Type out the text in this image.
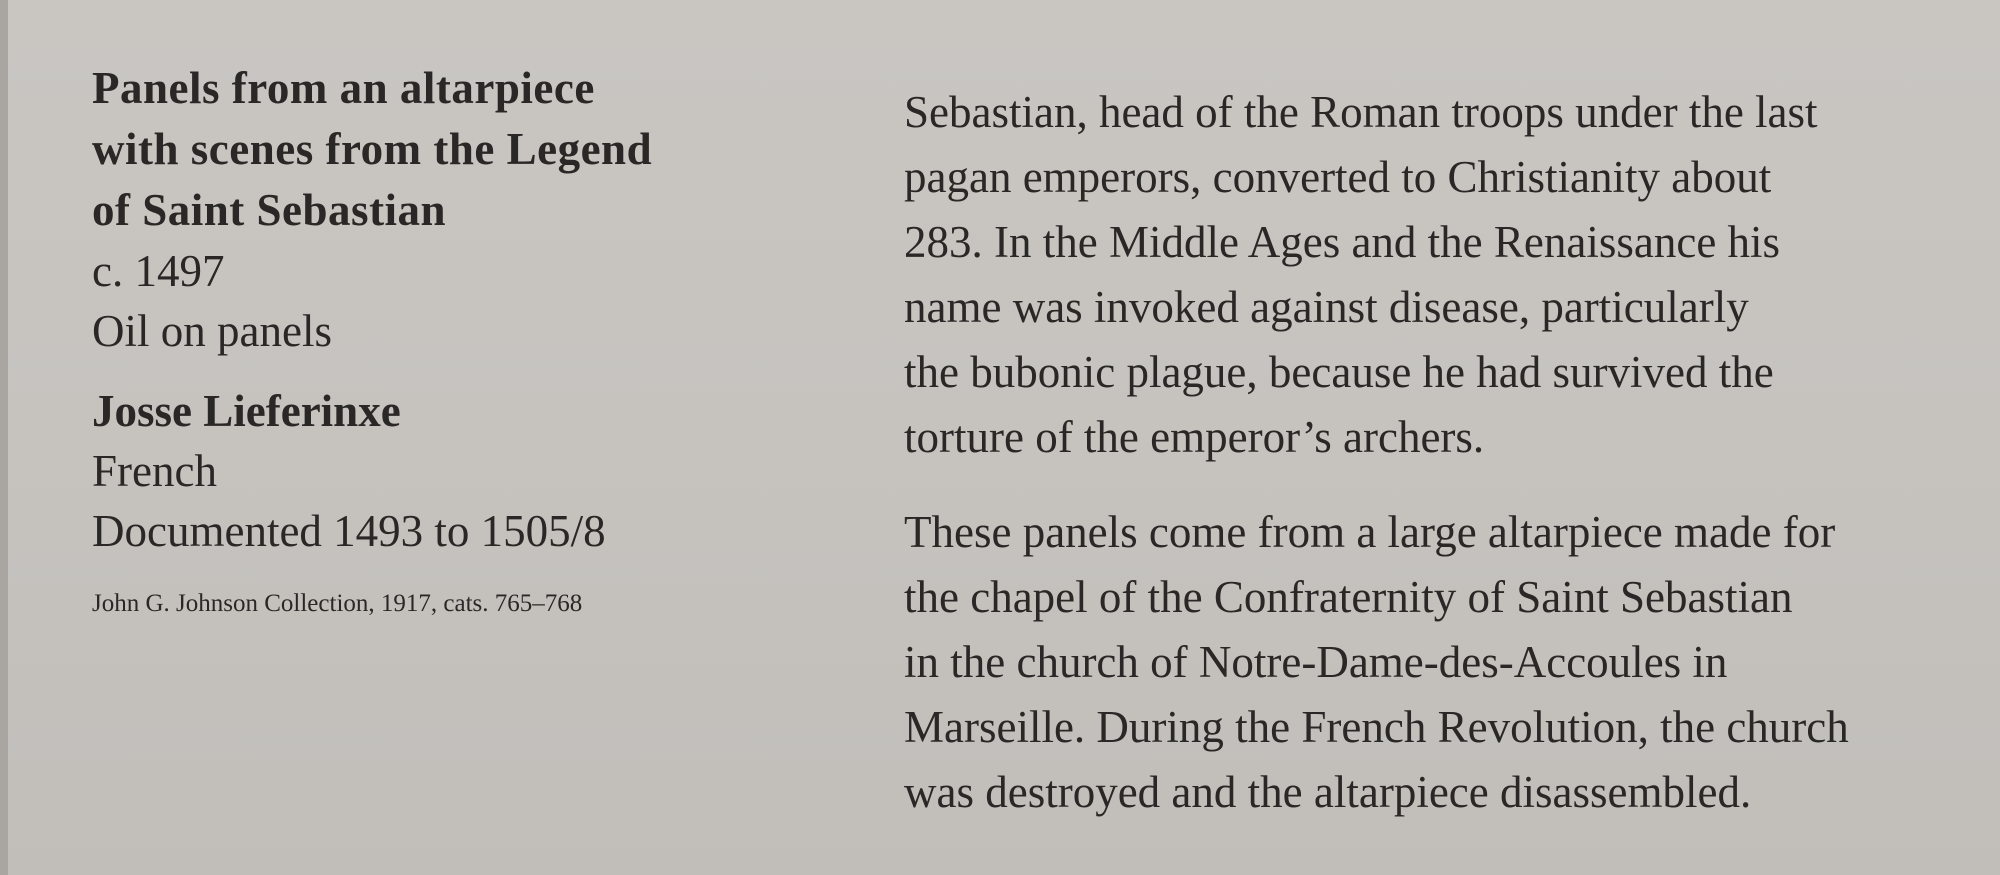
Panels from an altarpiece
with scenes from the Legend
of Saint Sebastian
c. 1497
Oil on panels
Josse Lieferinxe
French
Documented 1493 to 1505/8
John G. Johnson Collection, 1917, cats. 765–768
Sebastian, head of the Roman troops under the last
pagan emperors, converted to Christianity about
283. In the Middle Ages and the Renaissance his
name was invoked against disease, particularly
the bubonic plague, because he had survived the
torture of the emperor’s archers.
These panels come from a large altarpiece made for
the chapel of the Confraternity of Saint Sebastian
in the church of Notre-Dame-des-Accoules in
Marseille. During the French Revolution, the church
was destroyed and the altarpiece disassembled.
